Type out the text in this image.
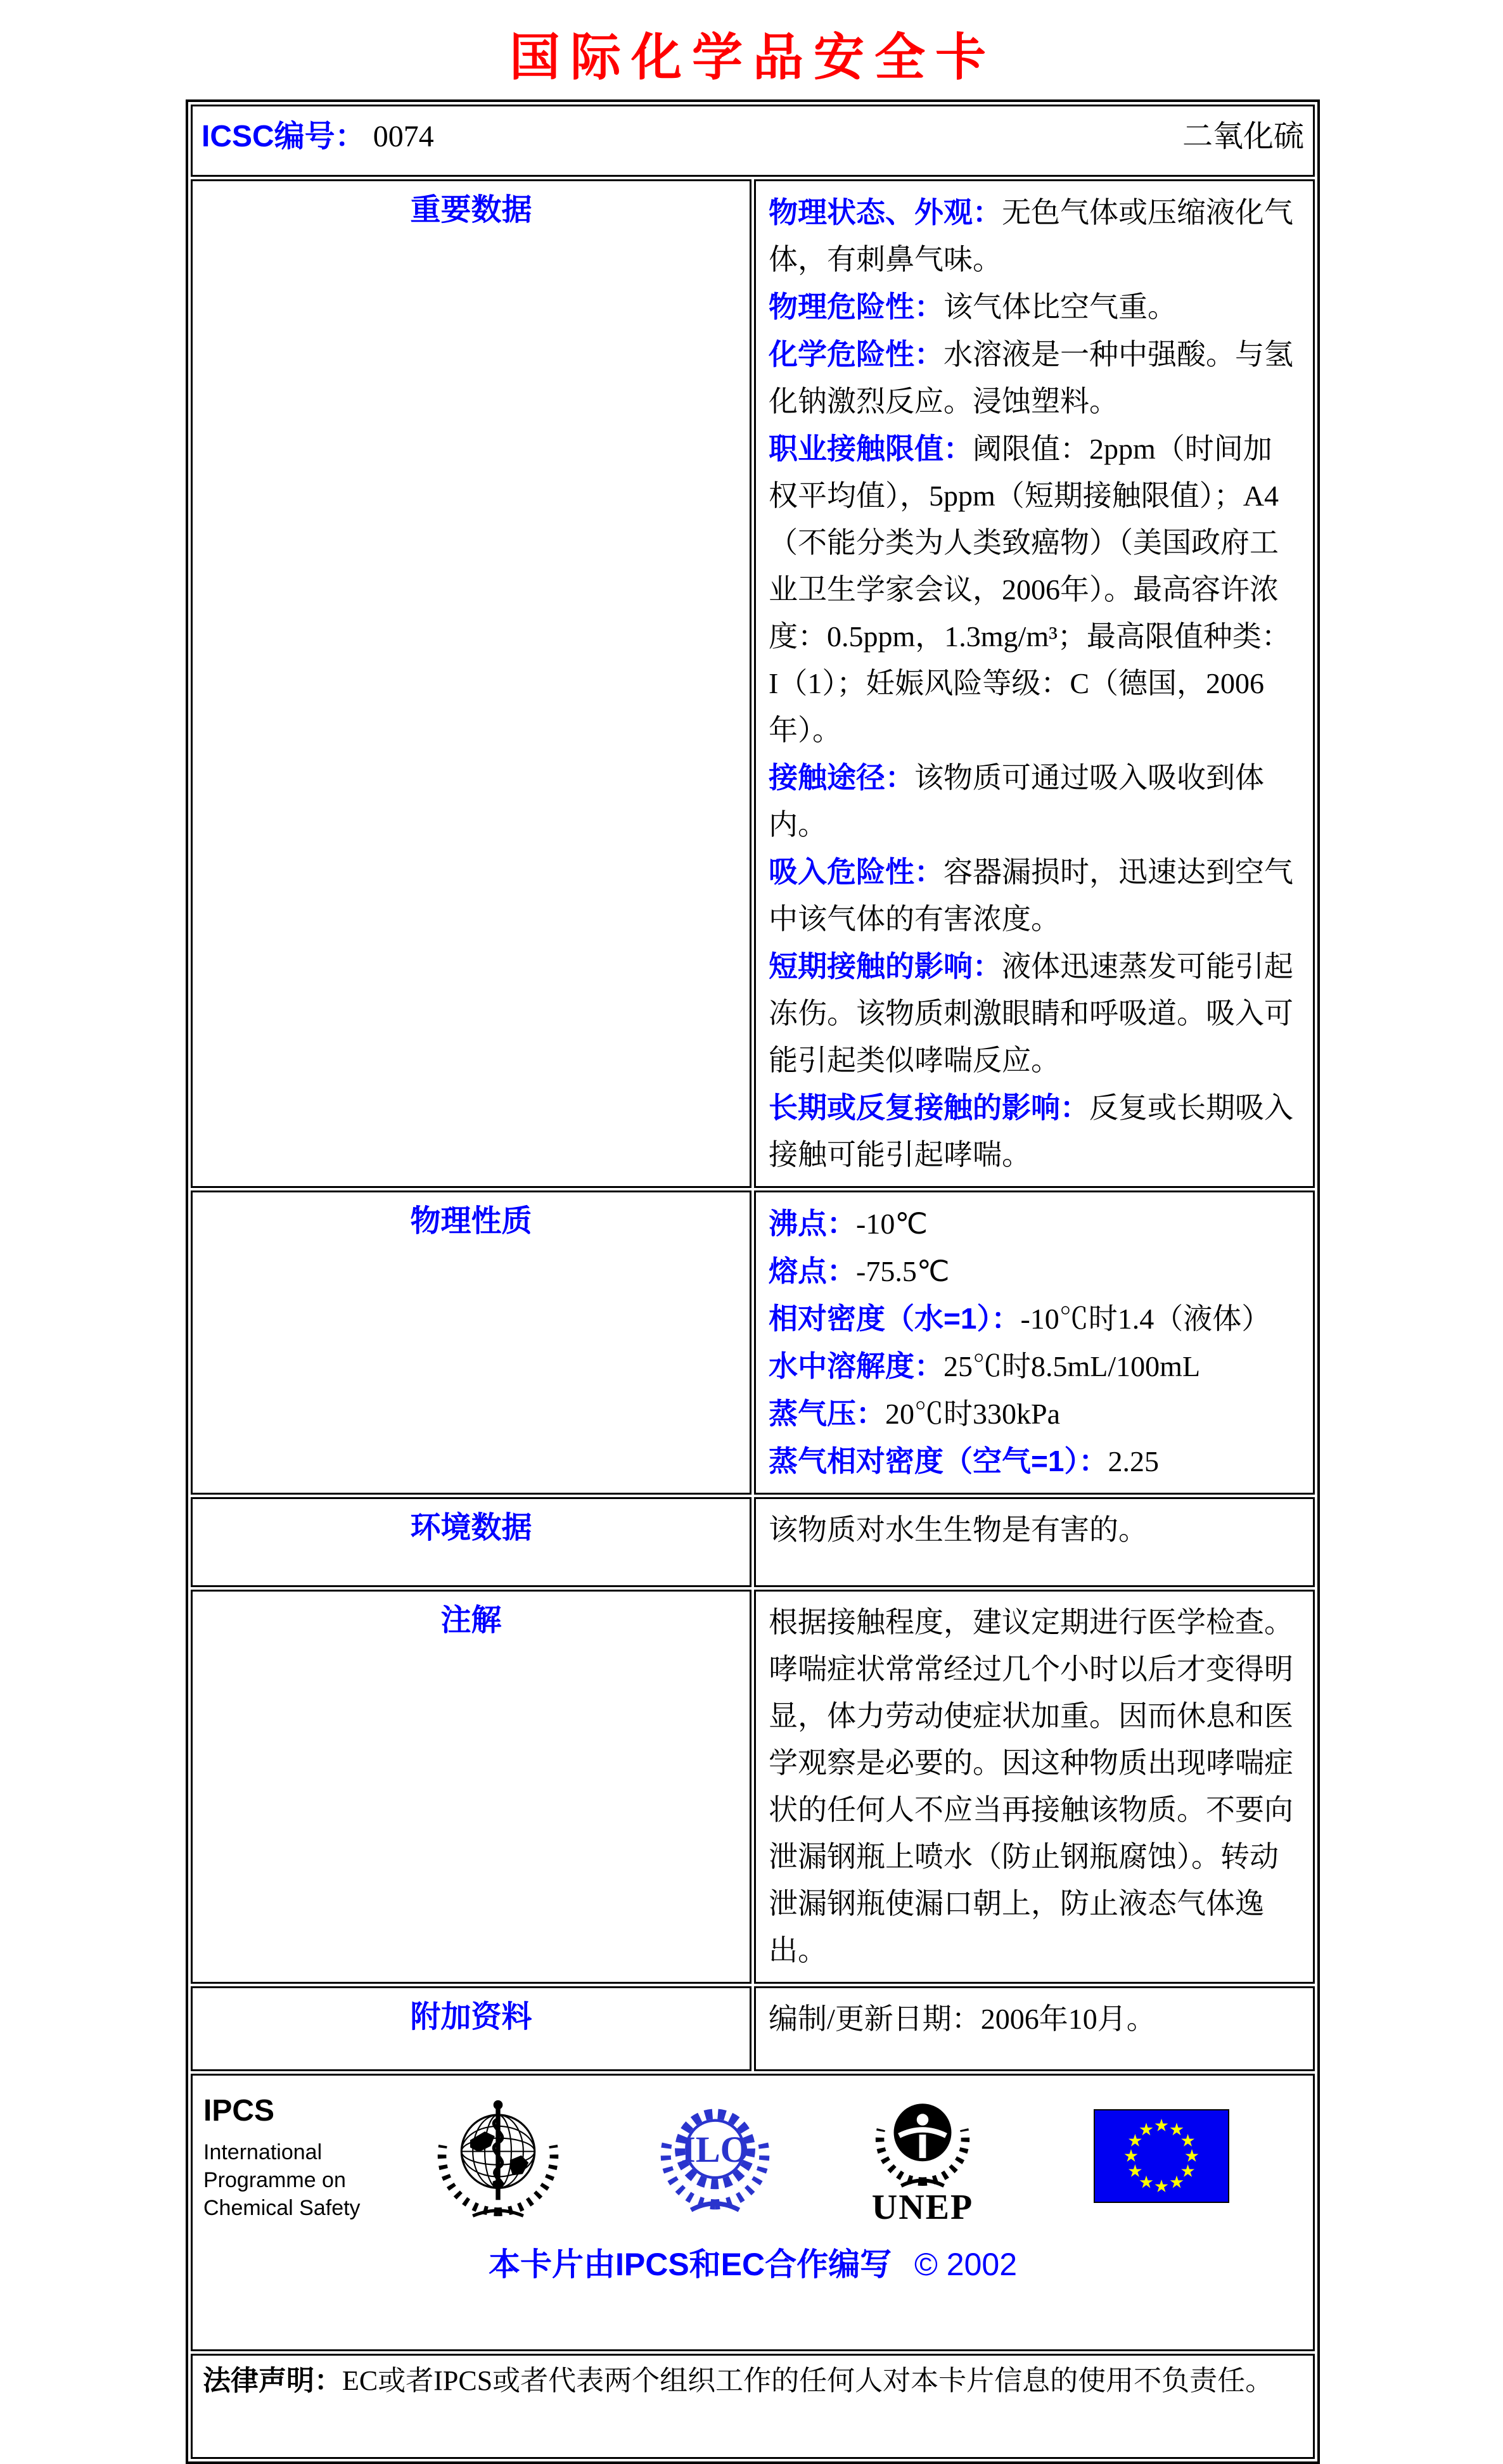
国际化学品安全卡
ICSC编号： 0074 二氧化硫	

重要数据	物理状态、外观：无色气体或压缩液化气体，有刺鼻气味。
物理危险性：该气体比空气重。
化学危险性：水溶液是一种中强酸。与氢化钠激烈反应。浸蚀塑料。
职业接触限值：阈限值：2ppm（时间加权平均值），5ppm（短期接触限值）；A4（不能分类为人类致癌物）（美国政府工业卫生学家会议，2006年）。最高容许浓度：0.5ppm，1.3mg/m³；最高限值种类：I（1）；妊娠风险等级：C（德国，2006年）。
接触途径：该物质可通过吸入吸收到体内。
吸入危险性：容器漏损时，迅速达到空气中该气体的有害浓度。
短期接触的影响：液体迅速蒸发可能引起冻伤。该物质刺激眼睛和呼吸道。吸入可能引起类似哮喘反应。
长期或反复接触的影响：反复或长期吸入接触可能引起哮喘。

物理性质	沸点：-10℃
熔点：-75.5℃
相对密度（水=1）：-10℃时1.4（液体）
水中溶解度：25℃时8.5mL/100mL
蒸气压：20℃时330kPa
蒸气相对密度（空气=1）：2.25

环境数据	该物质对水生生物是有害的。
注解	根据接触程度，建议定期进行医学检查。哮喘症状常常经过几个小时以后才变得明显，体力劳动使症状加重。因而休息和医学观察是必要的。因这种物质出现哮喘症状的任何人不应当再接触该物质。不要向泄漏钢瓶上喷水（防止钢瓶腐蚀）。转动泄漏钢瓶使漏口朝上，防止液态气体逸出。
附加资料	编制/更新日期：2006年10月。

IPCS
International
Programme on
Chemical Safety
ILO
UNEP
本卡片由IPCS和EC合作编写 © 2002

法律声明：EC或者IPCS或者代表两个组织工作的任何人对本卡片信息的使用不负责任。	
